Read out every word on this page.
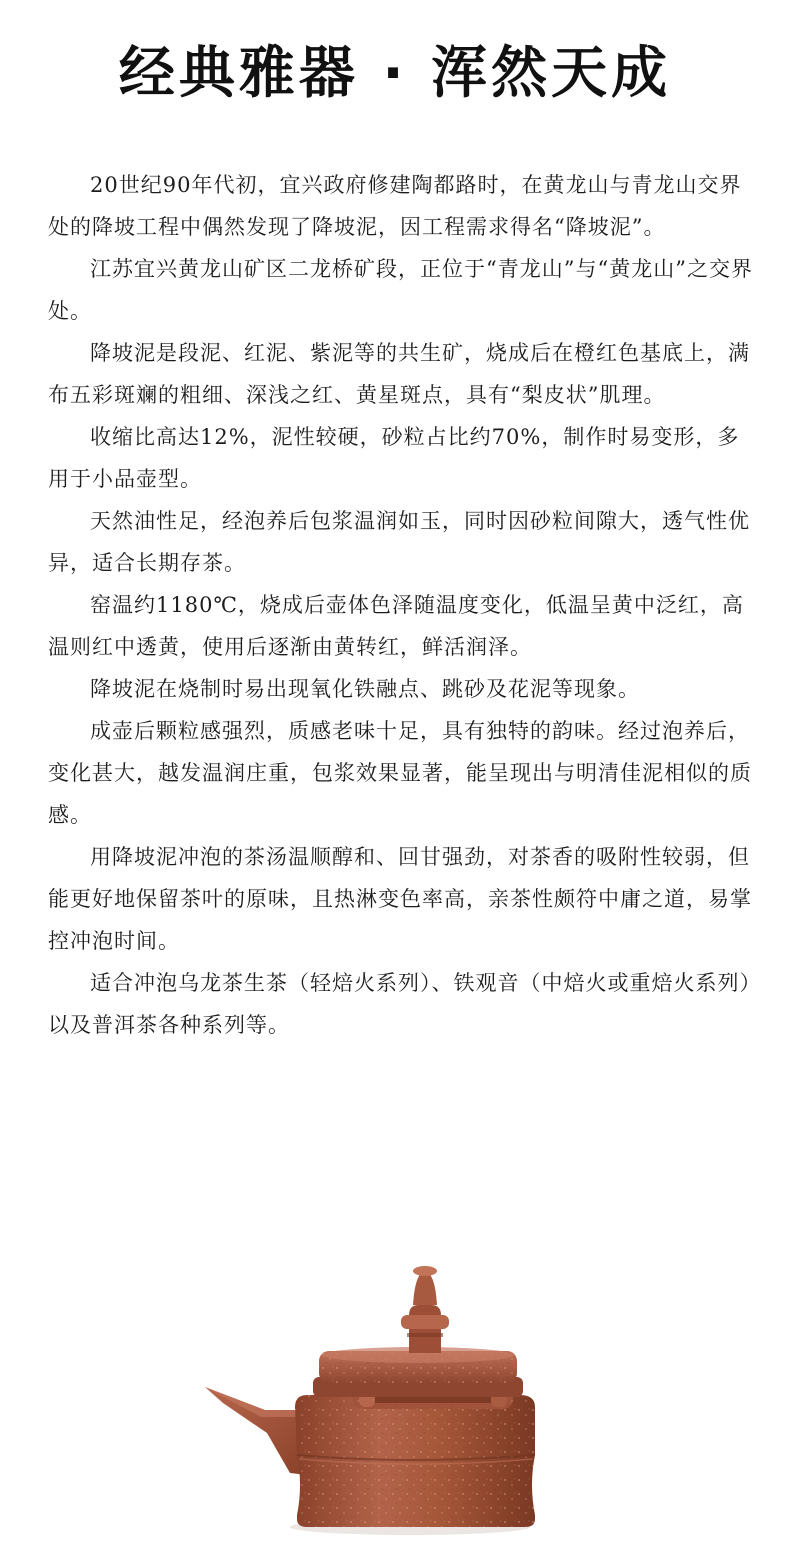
经典雅器 · 浑然天成

20世纪90年代初，宜兴政府修建陶都路时，在黄龙山与青龙山交界处的降坡工程中偶然发现了降坡泥，因工程需求得名“降坡泥”。

江苏宜兴黄龙山矿区二龙桥矿段，正位于“青龙山”与“黄龙山”之交界处。

降坡泥是段泥、红泥、紫泥等的共生矿，烧成后在橙红色基底上，满布五彩斑斓的粗细、深浅之红、黄星斑点，具有“梨皮状”肌理。

收缩比高达12%，泥性较硬，砂粒占比约70%，制作时易变形，多用于小品壶型。

天然油性足，经泡养后包浆温润如玉，同时因砂粒间隙大，透气性优异，适合长期存茶。

窑温约1180℃，烧成后壶体色泽随温度变化，低温呈黄中泛红，高温则红中透黄，使用后逐渐由黄转红，鲜活润泽。

降坡泥在烧制时易出现氧化铁融点、跳砂及花泥等现象。

成壶后颗粒感强烈，质感老味十足，具有独特的韵味。经过泡养后，变化甚大，越发温润庄重，包浆效果显著，能呈现出与明清佳泥相似的质感。

用降坡泥冲泡的茶汤温顺醇和、回甘强劲，对茶香的吸附性较弱，但能更好地保留茶叶的原味，且热淋变色率高，亲茶性颇符中庸之道，易掌控冲泡时间。

适合冲泡乌龙茶生茶（轻焙火系列）、铁观音（中焙火或重焙火系列）以及普洱茶各种系列等。
